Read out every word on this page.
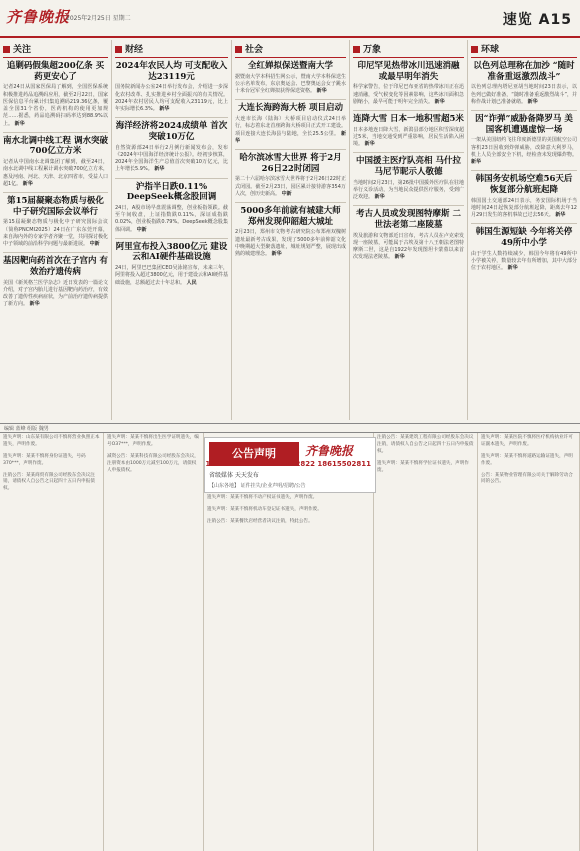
齐鲁晚报
2025年2月25日 星期二	速览 A15
关注
追剿码假集超200亿条 买药更安心了
记者24日从国家医保局了解到，全国医保系统积极推进药品追溯码应用，截至2月22日，国家医保信息平台累计归集追溯码219.36亿条，覆盖全国31个省份，医药机构的使用更加规范……据悉，药品追溯码扫码率达到88.9%以上。 新华
南水北调中线工程 调水突破700亿立方米
记者从中国南水北调集团了解到，截至24日，南水北调中线工程累计调水突破700亿立方米，惠及河南、河北、天津、北京四省市，受益人口超1亿。 新华
第15届凝聚态物质与极化 中子研究国际会议举行
第15届凝聚态物质与极化中子研究国际会议（简称PNCMI2025）24日在广东东莞开幕，来自海内外的专家学者齐聚一堂，共同探讨极化中子领域的前沿科学问题与最新进展。 中新
基因靶向药首次在子宫内 有效治疗遗传病
美国《新英格兰医学杂志》近日发表的一篇论文介绍，对子宫内胎儿进行基因靶向药治疗，有效改善了遗传性疾病症状，为产前治疗遗传病提供了新方向。 新华
财经
2024年农民人均 可支配收入达23119元
国务院新闻办公室24日举行发布会，介绍进一步深化农村改革、扎实推进乡村全面振兴的有关情况。2024年农村居民人均可支配收入23119元，比上年实际增长6.3%。 新华
海洋经济将2024成绩单 首次突破10万亿
自然资源部24日举行2月例行新闻发布会，发布《2024年中国海洋经济统计公报》。经初步核算，2024年全国海洋生产总值首次突破10万亿元，比上年增长5.9%。 新华
沪指半日跌0.11% DeepSeek概念股回调
24日，A股市场早盘震荡调整，创业板指领跌。截至午间收盘，上证指数跌0.11%，深证成指跌0.02%，创业板指跌0.79%。DeepSeek概念股集体回调。 中新
阿里宣布投入3800亿元 建设云和AI硬件基础设施
24日，阿里巴巴集团CEO吴泳铭宣布，未来三年，阿里将投入超过3800亿元，用于建设云和AI硬件基础设施，总额超过去十年总和。 人民
社会
全红婵拟保送暨南大学
据暨南大学本科招生网公示，暨南大学本科保送生公示名单发布，东京奥运会、巴黎奥运会女子跳水十米台冠军全红婵拟获得保送资格。 新华
大连长海跨海大桥 项目启动
大连市长海（陆海）大桥项目启动仪式24日举行，标志着东北首座跨海大桥项目正式开工建设。项目连接大连长海县与陆地，全长25.5公里。 新华
哈尔滨冰雪大世界 将于2月26日22时闭园
第二十六届哈尔滨冰雪大世界将于2月26日22时正式闭园。截至2月23日，园区累计接待游客354万人次，创历史新高。 中新
5000多年前就有城建大师 郑州发现仰韶超大城址
2月23日，郑州市文物考古研究院公布郑州双槐树遗址最新考古成果，发现了5000多年前仰韶文化中晚期超大型聚落遗址，城址规划严整，展现出成熟的城建理念。 新华
万象
印尼罕见热带冰川迅速消融 或最早明年消失
科学家警告，位于印尼巴布亚省的热带冰川正在迅速消融，受气候变化等因素影响，这些冰川面积急剧缩小，最早可能于明年完全消失。 新华
连降大雪 日本一地积雪超5米
日本多地连日降大雪，新潟县部分地区积雪深度超过5米，当地交通受到严重影响，居民生活陷入困境。 新华
中国援主医疗队亮相 马什拉马尼节昵示人敬德
当地时间2月23日，第26批中国援外医疗队在驻地举行义诊活动，为当地民众提供医疗服务，受到广泛欢迎。 新华
考古人员或发现图特摩斯 二世法老第二座陵墓
埃及旅游和文物部近日宣布，考古人员在卢克索发现一座陵墓，可能属于古埃及第十八王朝法老图特摩斯二世，这是自1922年发现图坦卡蒙墓以来首次发现法老陵墓。 新华
环球
以色列总理称在加沙 “随时准备重返激烈战斗”
以色列总理内塔尼亚胡当地时间23日表示，以色列已做好准备，“随时准备重返激烈战斗”，并称作战计划已准备就绪。 新华
因“诈弹”威胁备降罗马 美国客机遭遇虚惊一场
一架从美国纽约飞往印度新德里的美国航空公司客机23日因收到炸弹威胁，改降意大利罗马，机上人员全部安全下机，经检查未发现爆炸物。 新华
韩国务安机场空难56天后 恢复部分航班起降
韩国国土交通部24日表示，务安国际机场于当地时间24日起恢复部分航班起降，距离去年12月29日发生的客机事故已过去56天。 新华
韩国生源短缺 今年将关停49所中小学
由于学生人数持续减少，韩国今年将有49所中小学被关停，数量较去年有所增加，其中大部分位于农村地区。 新华
编辑 蓝峰 组版 魏男
遗失声明：某某医院不慎将医疗机构执业许可证副本遗失，声明作废。
遗失声明：某某不慎将道路运输证遗失，声明作废。
公告：某某物业管理有限公司关于解除劳动合同的公告。
注销公告：某某建筑工程有限公司经股东会决议注销，请债权人自公告之日起四十五日内申报债权。
遗失声明：某某不慎将学位证书遗失，声明作废。
遗失声明：某某不慎将不动产权证书遗失，声明作废。
遗失声明：某某不慎将机动车登记证书遗失，声明作废。
注销公告：某某餐饮店经营者决议注销，特此公告。
遗失声明：某某不慎将出生医学证明遗失，编号O37***，声明作废。
减资公告：某某科技有限公司经股东会决议，注册资本由1000万元减至100万元，请债权人申报债权。
遗失声明：山东某有限公司不慎将营业执照正本遗失，声明作废。
遗失声明：某某不慎将身份证遗失，号码370***，声明作废。
注销公告：某某商贸有限公司经股东会决议注销，请债权人自公告之日起四十五日内申报债权。
公告声明	齐鲁晚报
省级媒体 天天发布
18615502833 18615502822 18615502811
【山东各地】 证件挂失/企业声明/招聘/公告
